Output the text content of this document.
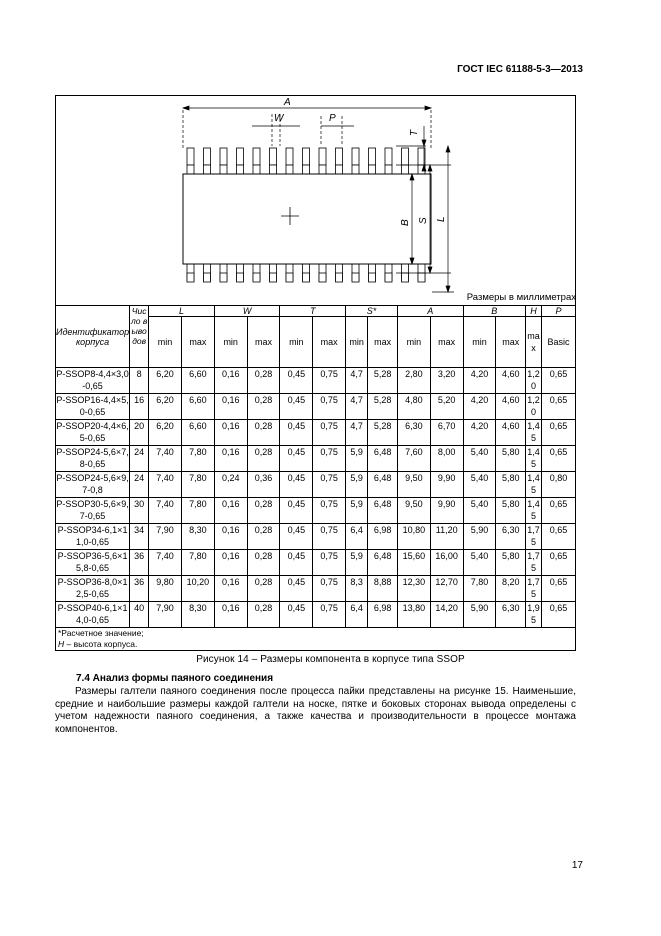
ГОСТ IEC 61188-5-3—2013
A
W	P
T
B S L
Размеры в миллиметрах
Идентификатор корпуса	Число выводов	L		W		T		S*		A		B		H	P
		min	max	min	max	min	max	min	max	min	max	min	max	max	Basic
P-SSOP8-4,4×3,0-0,65	8	6,20	6,60	0,16	0,28	0,45	0,75	4,7	5,28	2,80	3,20	4,20	4,60	1,20	0,65
P-SSOP16-4,4×5,0-0,65	16	6,20	6,60	0,16	0,28	0,45	0,75	4,7	5,28	4,80	5,20	4,20	4,60	1,20	0,65
P-SSOP20-4,4×6,5-0,65	20	6,20	6,60	0,16	0,28	0,45	0,75	4,7	5,28	6,30	6,70	4,20	4,60	1,45	0,65
P-SSOP24-5,6×7,8-0,65	24	7,40	7,80	0,16	0,28	0,45	0,75	5,9	6,48	7,60	8,00	5,40	5,80	1,45	0,65
P-SSOP24-5,6×9,7-0,8	24	7,40	7,80	0,24	0,36	0,45	0,75	5,9	6,48	9,50	9,90	5,40	5,80	1,45	0,80
P-SSOP30-5,6×9,7-0,65	30	7,40	7,80	0,16	0,28	0,45	0,75	5,9	6,48	9,50	9,90	5,40	5,80	1,45	0,65
P-SSOP34-6,1×11,0-0,65	34	7,90	8,30	0,16	0,28	0,45	0,75	6,4	6,98	10,80	11,20	5,90	6,30	1,75	0,65
P-SSOP36-5,6×15,8-0,65	36	7,40	7,80	0,16	0,28	0,45	0,75	5,9	6,48	15,60	16,00	5,40	5,80	1,75	0,65
P-SSOP36-8,0×12,5-0,65	36	9,80	10,20	0,16	0,28	0,45	0,75	8,3	8,88	12,30	12,70	7,80	8,20	1,75	0,65
P-SSOP40-6,1×14,0-0,65	40	7,90	8,30	0,16	0,28	0,45	0,75	6,4	6,98	13,80	14,20	5,90	6,30	1,95	0,65

*Расчетное значение;
H – высота корпуса.															
Рисунок 14 – Размеры компонента в корпусе типа SSOP
7.4 Анализ формы паяного соединения
Размеры галтели паяного соединения после процесса пайки представлены на рисунке 15. Наименьшие, средние и наибольшие размеры каждой галтели на носке, пятке и боковых сторонах вывода определены с учетом надежности паяного соединения, а также качества и производительности в процессе монтажа компонентов.
17
